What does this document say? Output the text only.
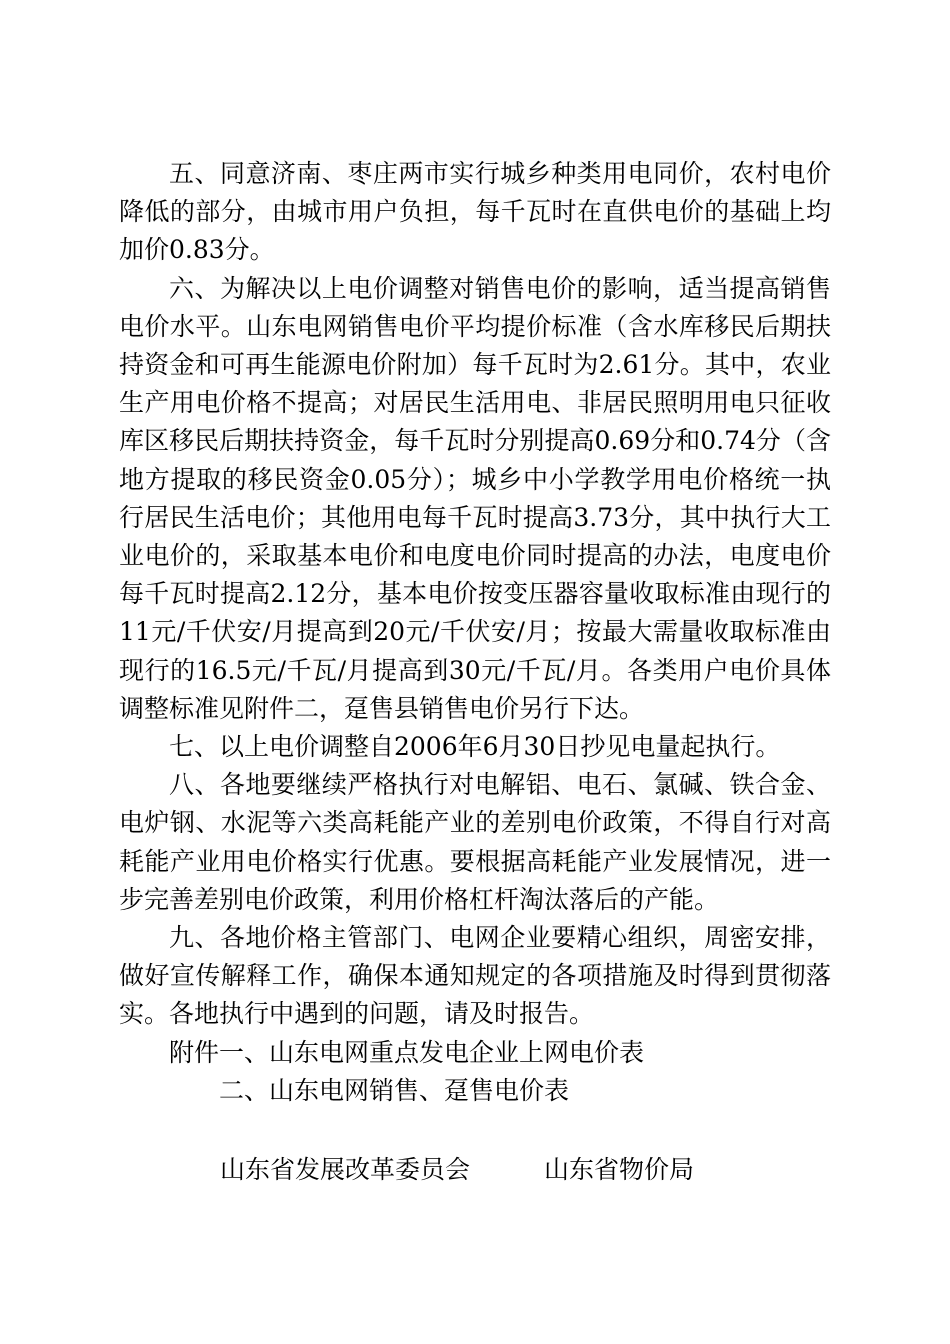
五、同意济南、枣庄两市实行城乡种类用电同价，农村电价降低的部分，由城市用户负担，每千瓦时在直供电价的基础上均加价0.83分。

六、为解决以上电价调整对销售电价的影响，适当提高销售电价水平。山东电网销售电价平均提价标准（含水库移民后期扶持资金和可再生能源电价附加）每千瓦时为2.61分。其中，农业生产用电价格不提高；对居民生活用电、非居民照明用电只征收库区移民后期扶持资金，每千瓦时分别提高0.69分和0.74分（含地方提取的移民资金0.05分）；城乡中小学教学用电价格统一执行居民生活电价；其他用电每千瓦时提高3.73分，其中执行大工业电价的，采取基本电价和电度电价同时提高的办法，电度电价每千瓦时提高2.12分，基本电价按变压器容量收取标准由现行的11元/千伏安/月提高到20元/千伏安/月；按最大需量收取标准由现行的16.5元/千瓦/月提高到30元/千瓦/月。各类用户电价具体调整标准见附件二，趸售县销售电价另行下达。

七、以上电价调整自2006年6月30日抄见电量起执行。

八、各地要继续严格执行对电解铝、电石、氯碱、铁合金、电炉钢、水泥等六类高耗能产业的差别电价政策，不得自行对高耗能产业用电价格实行优惠。要根据高耗能产业发展情况，进一步完善差别电价政策，利用价格杠杆淘汰落后的产能。

九、各地价格主管部门、电网企业要精心组织，周密安排，做好宣传解释工作，确保本通知规定的各项措施及时得到贯彻落实。各地执行中遇到的问题，请及时报告。

附件一、山东电网重点发电企业上网电价表

二、山东电网销售、趸售电价表

山东省发展改革委员会	山东省物价局
